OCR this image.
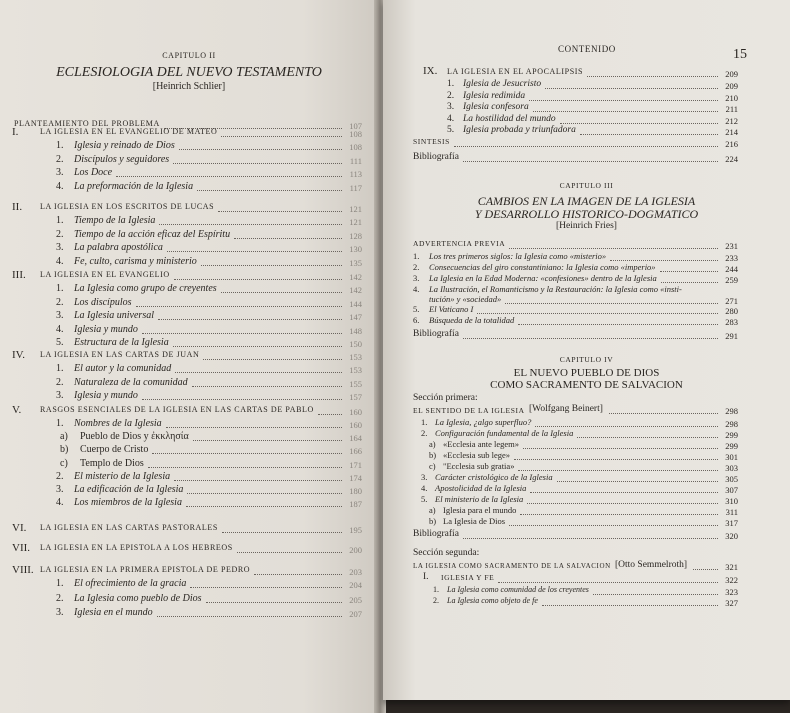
CAPITULO II
ECLESIOLOGIA DEL NUEVO TESTAMENTO
[Heinrich Schlier]
PLANTEAMIENTO DEL PROBLEMA	107
I.	LA IGLESIA EN EL EVANGELIO DE MATEO	108
1. Iglesia y reinado de Dios	108
2. Discípulos y seguidores	111
3. Los Doce	113
4. La preformación de la Iglesia	117
II. LA IGLESIA EN LOS ESCRITOS DE LUCAS	121
1. Tiempo de la Iglesia	121
2. Tiempo de la acción eficaz del Espíritu	128
3. La palabra apostólica	130
4. Fe, culto, carisma y ministerio	135
III. LA IGLESIA EN EL EVANGELIO	142
1. La Iglesia como grupo de creyentes	142
2. Los discípulos	144
3. La Iglesia universal	147
4. Iglesia y mundo	148
5. Estructura de la Iglesia	150
IV. LA IGLESIA EN LAS CARTAS DE JUAN	153
1. El autor y la comunidad	153
2. Naturaleza de la comunidad	155
3. Iglesia y mundo	157
V. RASGOS ESENCIALES DE LA IGLESIA EN LAS CARTAS DE PABLO	160
1. Nombres de la Iglesia	160
a) Pueblo de Dios y ἐκκλησία	164
b) Cuerpo de Cristo	166
c) Templo de Dios	171
2. El misterio de la Iglesia	174
3. La edificación de la Iglesia	180
4. Los miembros de la Iglesia	187
VI. LA IGLESIA EN LAS CARTAS PASTORALES	195
VII. LA IGLESIA EN LA EPISTOLA A LOS HEBREOS	200
VIII. LA IGLESIA EN LA PRIMERA EPISTOLA DE PEDRO	203
1. El ofrecimiento de la gracia	204
2. La Iglesia como pueblo de Dios	205
3. Iglesia en el mundo	207
CONTENIDO	15
IX. LA IGLESIA EN EL APOCALIPSIS	209
1. Iglesia de Jesucristo	209
2. Iglesia redimida	210
3. Iglesia confesora	211
4. La hostilidad del mundo	212
5. Iglesia probada y triunfadora	214
SINTESIS	216
Bibliografía	224
CAPITULO III
CAMBIOS EN LA IMAGEN DE LA IGLESIA
Y DESARROLLO HISTORICO-DOGMATICO
[Heinrich Fries]
ADVERTENCIA PREVIA	231
1. Los tres primeros siglos: la Iglesia como «misterio»	233
2. Consecuencias del giro constantiniano: la Iglesia como «imperio»	244
3. La Iglesia en la Edad Moderna: «confesiones» dentro de la Iglesia	259
4. La Ilustración, el Romanticismo y la Restauración: la Iglesia como «insti-
tución» y «sociedad»	271
5. El Vaticano I	280
6. Búsqueda de la totalidad	283
Bibliografía	291
CAPITULO IV
EL NUEVO PUEBLO DE DIOS
COMO SACRAMENTO DE SALVACION
Sección primera:
EL SENTIDO DE LA IGLESIA [Wolfgang Beinert]	298
1. La Iglesia, ¿algo superfluo?	298
2. Configuración fundamental de la Iglesia	299
a) «Ecclesia ante legem»	299
b) «Ecclesia sub lege»	301
c) "Ecclesia sub gratia»	303
3. Carácter cristológico de la Iglesia	305
4. Apostolicidad de la Iglesia	307
5. El ministerio de la Iglesia	310
a) Iglesia para el mundo	311
b) La Iglesia de Dios	317
Bibliografía	320
Sección segunda:
LA IGLESIA COMO SACRAMENTO DE LA SALVACION [Otto Semmelroth]	321
I. IGLESIA Y FE	322
1. La Iglesia como comunidad de los creyentes	323
2. La Iglesia como objeto de fe	327
